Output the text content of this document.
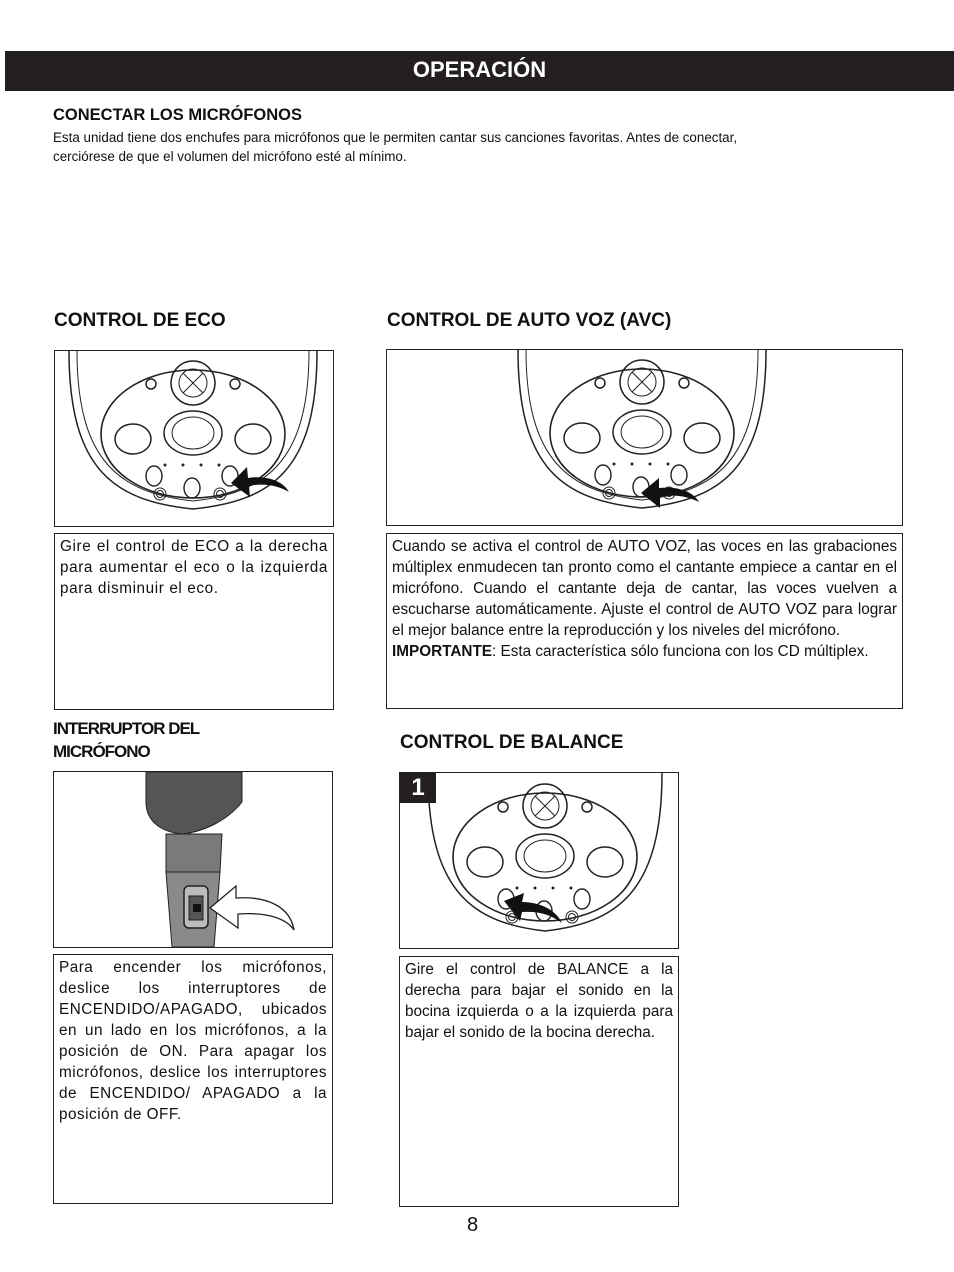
OPERACIÓN
CONECTAR LOS MICRÓFONOS
Esta unidad tiene dos enchufes para micrófonos que le permiten cantar sus canciones favoritas. Antes de conectar,
cerciórese de que el volumen del micrófono esté al mínimo.
CONTROL DE ECO
Gire el control de ECO a la derecha para aumentar el eco o la izquierda para disminuir el eco.
CONTROL DE AUTO VOZ (AVC)
Cuando se activa el control de AUTO VOZ, las voces en las grabaciones múltiplex enmudecen tan pronto como el cantante empiece a cantar en el micrófono. Cuando el cantante deja de cantar, las voces vuelven a escucharse automáticamente. Ajuste el control de AUTO VOZ para lograr el mejor balance entre la reproducción y los niveles del micrófono.
IMPORTANTE: Esta característica sólo funciona con los CD múltiplex.
INTERRUPTOR DEL
MICRÓFONO
Para encender los micrófonos, deslice los interruptores de ENCENDIDO/APAGADO, ubicados en un lado en los micrófonos, a la posición de ON. Para apagar los micrófonos, deslice los interruptores de ENCENDIDO/ APAGADO a la posición de OFF.
CONTROL DE BALANCE
1
Gire el control de BALANCE a la derecha para bajar el sonido en la bocina izquierda o a la izquierda para bajar el sonido de la bocina derecha.
8
